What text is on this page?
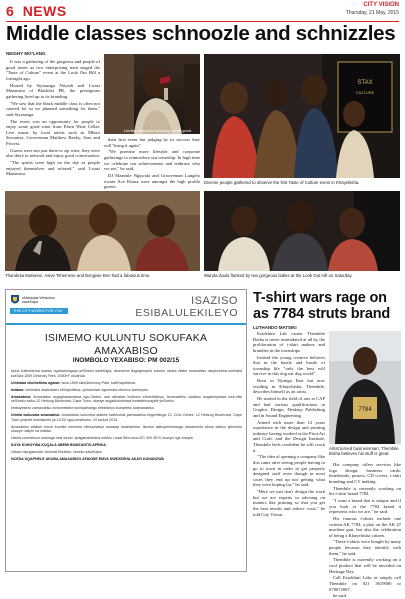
6 NEWS	CITY VISION
Thursday, 21 May, 2015
Middle classes schnoozle and schnizzles
NEIGHY MO'LANG

It was a gathering of the gorgeous and people of good tastes as two enterprising men staged the "Taste of Culture" event at the Look Out Hill a fortnight ago.

Hosted by Siyasanga Ntiyadi and Lwazi Mazamisa of Blacklist PR, the prestigious gathering lived up to its branding.

"We saw that the black middle class is often not catered for so we planned something for them," said Siyasanga.

The event was an opportunity for people to enjoy some good wine from Elsen Wine Cellar. Live music by local artists such as Mbizo Sewanisa, Grooveman Matthew Baxby, Stax and Piscess.

Guests were not just there to sip wine, they were also there to network and enjoy good conversation.

"The spirits were high on the day as people enjoyed themselves and relaxed," said Lwazi Mazamisa.

their first event but judging by its success they will "bring it again".

"We promise more lifestyle and corporate gatherings to reintroduce our township. In high time we celebrate our achievements and embrace who we are," he said.

DJ Mzamile Ngqwala and Grooveman Lungelo owner Ace Khasa were amongst the high profile guests.

Lindiwe Mbundu sampling some good wine.
STAX
CULTURE
Diverse people gathered to observe the first Taste of Culture event in Khayelitsha.
Thandeka Mutiweni, Asive Tshemese and Bongiwe Ben had a fabulous time.	Wanda Zaula flanked by two gorgeous ladies at the Look Out Hill on Saturday.
uMasipala Wesixeko saseKapa
THIS CITY WORKS FOR YOU
ISAZISO
ESIBALULEKILEYO
ISIMEMO KULUNTU SOKUFAKA
AMAXABISO
INOMBOLO YEXABISO: PM 002/15

Apha kukhutshwa isaziso ngokwemigaqo yeSixeko saseKapa, ukumema iingcaphephe zoluntu ukuba zifake amaxabiso okuphuhlisa umhlaba kwiSiza 1509 Delcrosy Park, 2050m² ubukhulu.

Umhlaba ekuthethwa ngawo: Isiza 1509 sikwiDelcrosy Park, kwiKhayelitsha.

Indawo: Umhlaba ukwindawo eKhayelitsha, uphawulwe ngombala obomvu kwimephu.

Amaxabiso: Amaxabiso angaphakamiswa ngu-Sixeko, aze abhalwe kwifomu efanelekileyo. Amaxwebhu axabiso angafunyanwa kwii-ofisi zeSixeko eziku-12 Hertzog Boulevard, Cape Town, okanye angakhutshelwa kwiwebhusayithi yeSixeko.

Iimbuyekezo zamaxabiso zixhomekeke kumiqathango ebekiweyo kuxwebhu lwamaxabiso.

Umhla wokuvala amaxabiso: Amaxabiso kufuneka afakwe kwibhokisi yamaxabiso engoHlanga 12, Civic Centre, 12 Hertzog Boulevard, Cape Town phambi kwentsimbi ye-10:00 ngoLwesihlanu, 19 kaJuni 2015.

Amaxabiso afakwe emva komhla nexesha elichaziweyo awasayi kwamkelwa. Isixeko asibophelekanga ukwamkela elona xabiso liphezulu okanye naliphi na ixabiso.

Ukuba unemibuzo malunga nesi sicelo, qhagamshelana noMnu Lwazi Bibo kwa-021 400 4570 okanye nge-imeyile.

KUYA KUHOYWA KUQALA ABEMI BOMZANTSI AFRIKA.

Ulwazi olungakumbi: Achmat Ebrahim, Isixeko saseKapa

NCEDA UQAPHELE UKUBA AMAXABISO AFAKWE EMVA KWEXESHA AKAYI KUNANZWA

T-shirt wars rage on as 7784 struts brand
LUTHANDO MATSIKI

Eziokhini Lab owner Thembile Botha is never intimidated at all by the proliferation of t-shirt makers and brandies in the townships.

Instead the young creative believes that in the hustle and bustle of township life "only the best will survive in this dog eat dog world".

Born in Nyanga East but now residing in Khayelitsha, Thembile, describes himself as an artist.

He started in the field of arts at CAP and had various qualifications in Graphic Design, Desktop Publishing and in Sound Engineering.

Armed with more than 12 years experience in the design and printing industry having worked at the Print Art and Craft, and the Design Institute, Thembile feels confident he will crack it.

"The idea of opening a company like this came after seeing people having to go to town in order to get properly designed stuff even though in most cases they end up not getting what they were hoping for," he said.

"Here we just don't design the work but we are experts in advising on matters like printing so that you get the best results and reduce costs," he told City Vision.

7784
Artist turned businessman, Thembile Botha believes his stuff is great.

His company offers services like logo design, business cards, letterheads, posters, CD covers, t-shirt branding and CV making.

Thembile is currently working on his t-shirt brand 7784.

"I want a brand that is unique and if you look at the 7784 brand it represents who we are," he said.

His famous t-shirts include one written AK 7784, a play on the AK 47 machine gun, but also the celebration of being a Khayelitsha citizen.

"These t-shirts were bought by many people because they identify with them," he said.

Thembile is currently working on a cool product that will be unveiled on Heritage Day.

Call Eziokhini Labs or simply call Thembile on 021 3619000 or 078072867,

he said.
